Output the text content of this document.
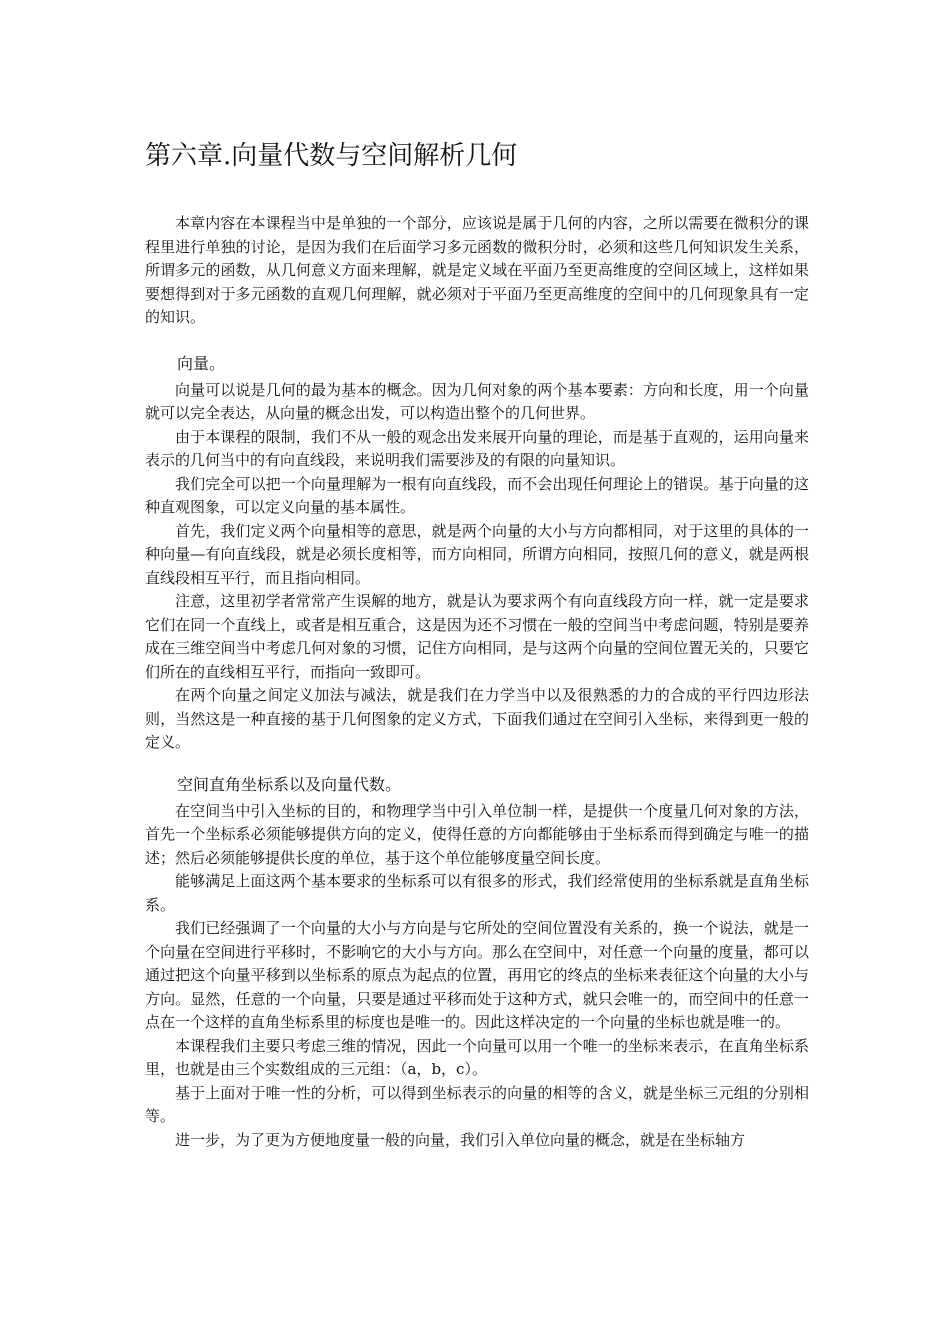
第六章.向量代数与空间解析几何

本章内容在本课程当中是单独的一个部分，应该说是属于几何的内容，之所以需要在微积分的课程里进行单独的讨论，是因为我们在后面学习多元函数的微积分时，必须和这些几何知识发生关系，所谓多元的函数，从几何意义方面来理解，就是定义域在平面乃至更高维度的空间区域上，这样如果要想得到对于多元函数的直观几何理解，就必须对于平面乃至更高维度的空间中的几何现象具有一定的知识。

向量。

向量可以说是几何的最为基本的概念。因为几何对象的两个基本要素：方向和长度，用一个向量就可以完全表达，从向量的概念出发，可以构造出整个的几何世界。

由于本课程的限制，我们不从一般的观念出发来展开向量的理论，而是基于直观的，运用向量来表示的几何当中的有向直线段，来说明我们需要涉及的有限的向量知识。

我们完全可以把一个向量理解为一根有向直线段，而不会出现任何理论上的错误。基于向量的这种直观图象，可以定义向量的基本属性。

首先，我们定义两个向量相等的意思，就是两个向量的大小与方向都相同，对于这里的具体的一种向量—有向直线段，就是必须长度相等，而方向相同，所谓方向相同，按照几何的意义，就是两根直线段相互平行，而且指向相同。

注意，这里初学者常常产生误解的地方，就是认为要求两个有向直线段方向一样，就一定是要求它们在同一个直线上，或者是相互重合，这是因为还不习惯在一般的空间当中考虑问题，特别是要养成在三维空间当中考虑几何对象的习惯，记住方向相同，是与这两个向量的空间位置无关的，只要它们所在的直线相互平行，而指向一致即可。

在两个向量之间定义加法与减法，就是我们在力学当中以及很熟悉的力的合成的平行四边形法则，当然这是一种直接的基于几何图象的定义方式，下面我们通过在空间引入坐标，来得到更一般的定义。

空间直角坐标系以及向量代数。

在空间当中引入坐标的目的，和物理学当中引入单位制一样，是提供一个度量几何对象的方法，首先一个坐标系必须能够提供方向的定义，使得任意的方向都能够由于坐标系而得到确定与唯一的描述；然后必须能够提供长度的单位，基于这个单位能够度量空间长度。

能够满足上面这两个基本要求的坐标系可以有很多的形式，我们经常使用的坐标系就是直角坐标系。

我们已经强调了一个向量的大小与方向是与它所处的空间位置没有关系的，换一个说法，就是一个向量在空间进行平移时，不影响它的大小与方向。那么在空间中，对任意一个向量的度量，都可以通过把这个向量平移到以坐标系的原点为起点的位置，再用它的终点的坐标来表征这个向量的大小与方向。显然，任意的一个向量，只要是通过平移而处于这种方式，就只会唯一的，而空间中的任意一点在一个这样的直角坐标系里的标度也是唯一的。因此这样决定的一个向量的坐标也就是唯一的。

本课程我们主要只考虑三维的情况，因此一个向量可以用一个唯一的坐标来表示，在直角坐标系里，也就是由三个实数组成的三元组：（a，b，c）。

基于上面对于唯一性的分析，可以得到坐标表示的向量的相等的含义，就是坐标三元组的分别相等。

进一步，为了更为方便地度量一般的向量，我们引入单位向量的概念，就是在坐标轴方
